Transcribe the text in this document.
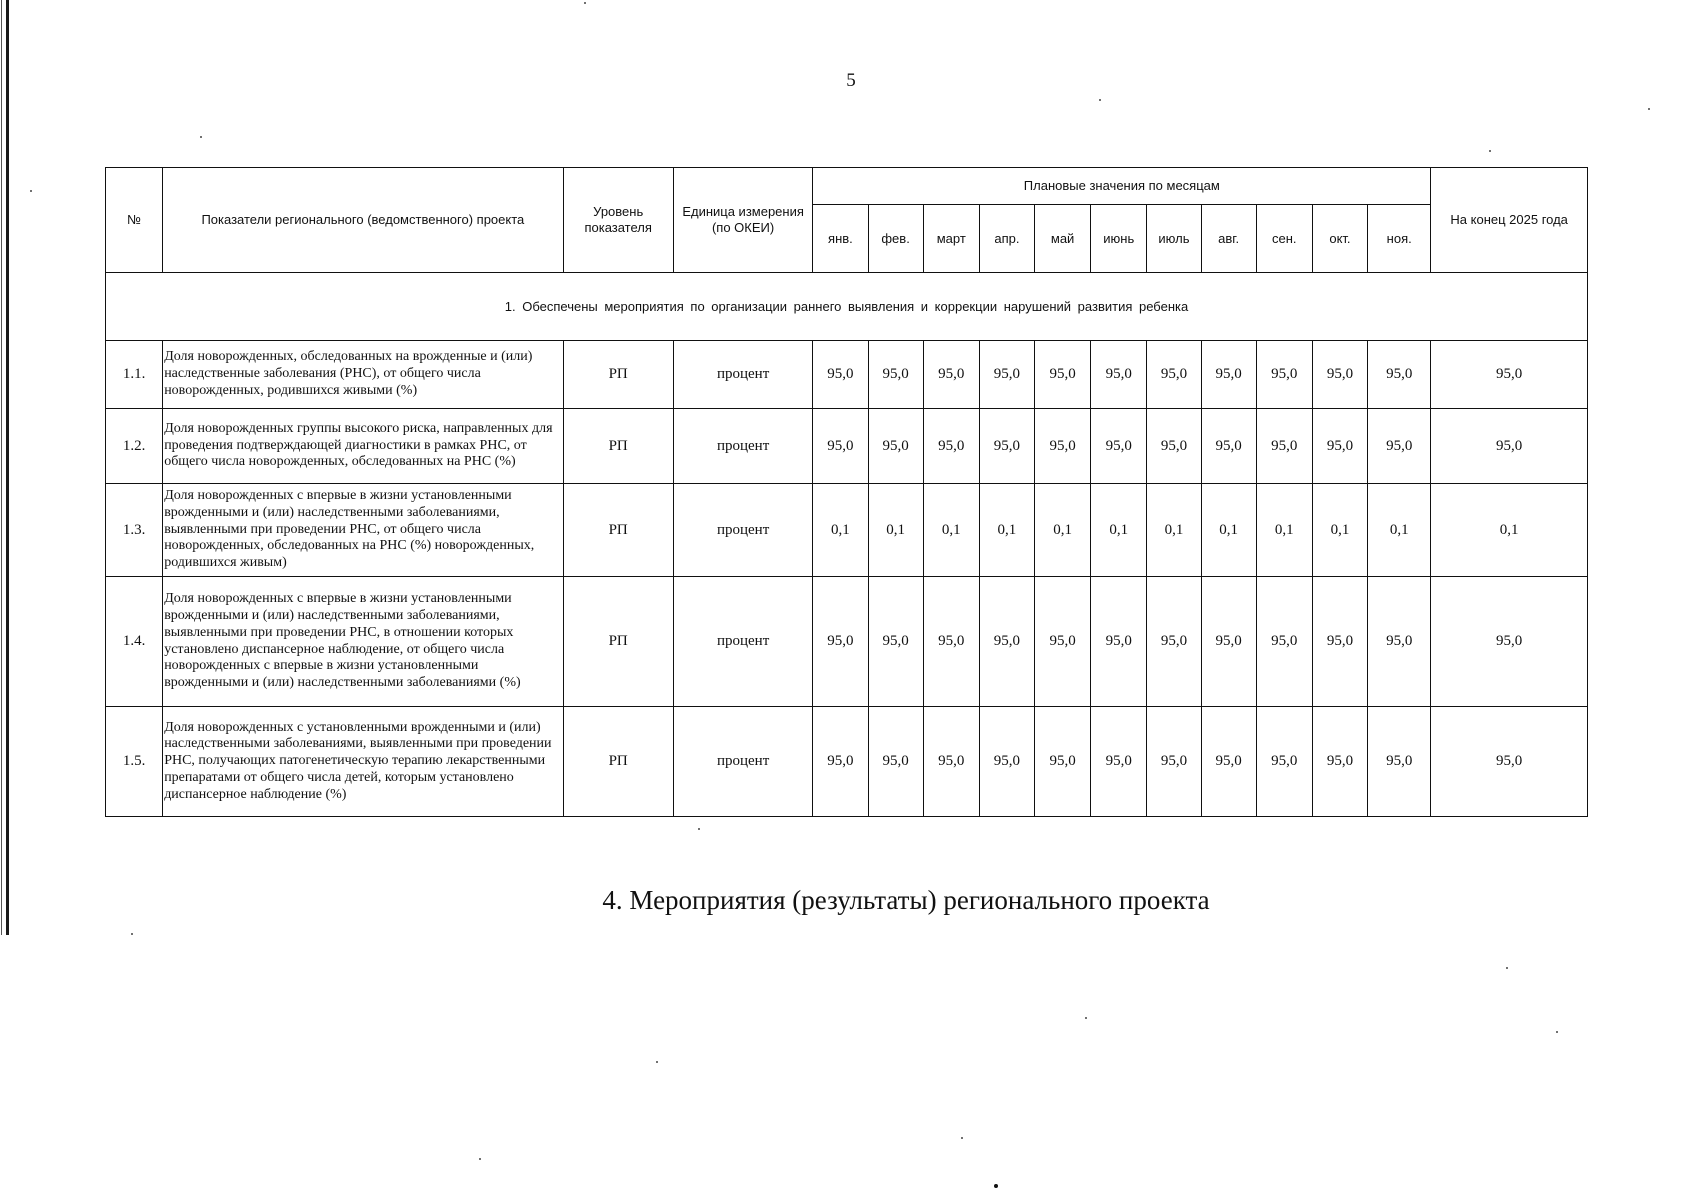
5
№	Показатели регионального (ведомственного) проекта	Уровень показателя	Единица измерения (по ОКЕИ)	Плановые значения по месяцам											На конец 2025 года
				янв.	фев.	март	апр.	май	июнь	июль	авг.	сен.	окт.	ноя.	
1. Обеспечены мероприятия по организации раннего выявления и коррекции нарушений развития ребенка															
1.1.	Доля новорожденных, обследованных на врожденные и (или) наследственные заболевания (РНС), от общего числа новорожденных, родившихся живыми (%)	РП	процент	95,0	95,0	95,0	95,0	95,0	95,0	95,0	95,0	95,0	95,0	95,0	95,0
1.2.	Доля новорожденных группы высокого риска, направленных для проведения подтверждающей диагностики в рамках РНС, от общего числа новорожденных, обследованных на РНС (%)	РП	процент	95,0	95,0	95,0	95,0	95,0	95,0	95,0	95,0	95,0	95,0	95,0	95,0
1.3.	Доля новорожденных с впервые в жизни установленными врожденными и (или) наследственными заболеваниями, выявленными при проведении РНС, от общего числа новорожденных, обследованных на РНС (%) новорожденных, родившихся живым)	РП	процент	0,1	0,1	0,1	0,1	0,1	0,1	0,1	0,1	0,1	0,1	0,1	0,1
1.4.	Доля новорожденных с впервые в жизни установленными врожденными и (или) наследственными заболеваниями, выявленными при проведении РНС, в отношении которых установлено диспансерное наблюдение, от общего числа новорожденных с впервые в жизни установленными врожденными и (или) наследственными заболеваниями (%)	РП	процент	95,0	95,0	95,0	95,0	95,0	95,0	95,0	95,0	95,0	95,0	95,0	95,0
1.5.	Доля новорожденных с установленными врожденными и (или) наследственными заболеваниями, выявленными при проведении РНС, получающих патогенетическую терапию лекарственными препаратами от общего числа детей, которым установлено диспансерное наблюдение (%)	РП	процент	95,0	95,0	95,0	95,0	95,0	95,0	95,0	95,0	95,0	95,0	95,0	95,0
4. Мероприятия (результаты) регионального проекта
